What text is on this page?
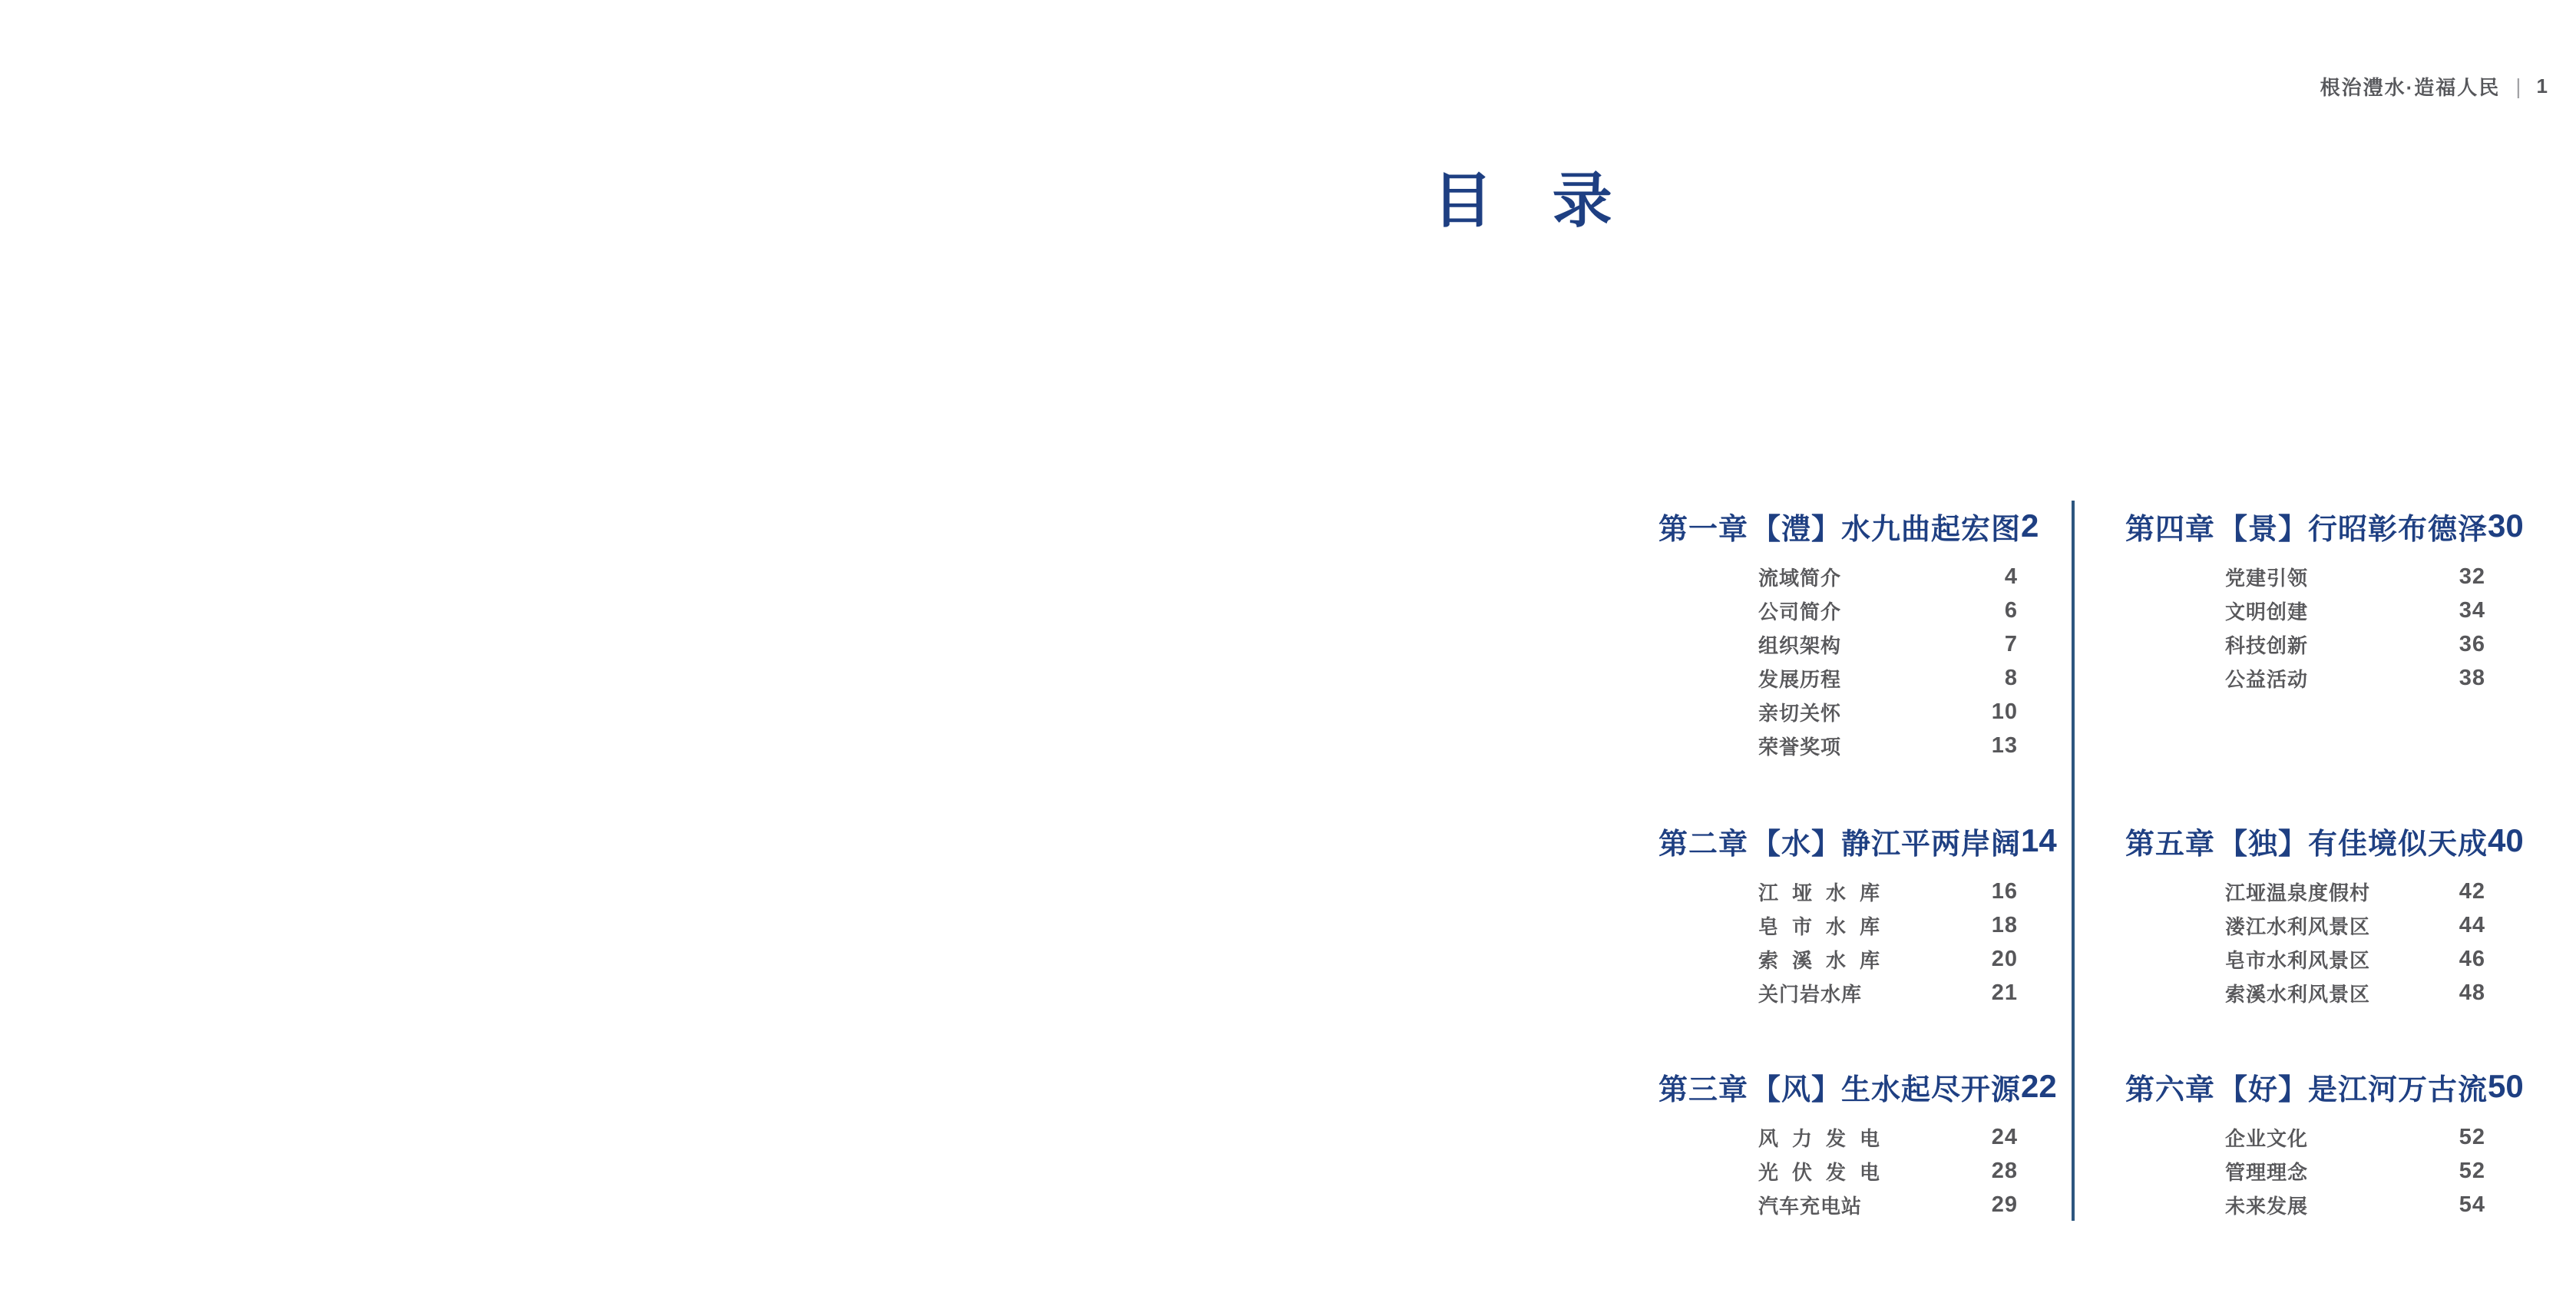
根治澧水·造福人民 | 1
目 录
第一章 【澧】水九曲起宏图 2
流域简介	4
公司简介	6
组织架构	7
发展历程	8
亲切关怀	10
荣誉奖项	13
第二章 【水】静江平两岸阔 14
江垭水库	16
皂市水库	18
索溪水库	20
关门岩水库	21
第三章 【风】生水起尽开源 22
风力发电	24
光伏发电	28
汽车充电站	29
第四章 【景】行昭彰布德泽 30
党建引领	32
文明创建	34
科技创新	36
公益活动	38
第五章 【独】有佳境似天成 40
江垭温泉度假村	42
溇江水利风景区	44
皂市水利风景区	46
索溪水利风景区	48
第六章 【好】是江河万古流 50
企业文化	52
管理理念	52
未来发展	54
